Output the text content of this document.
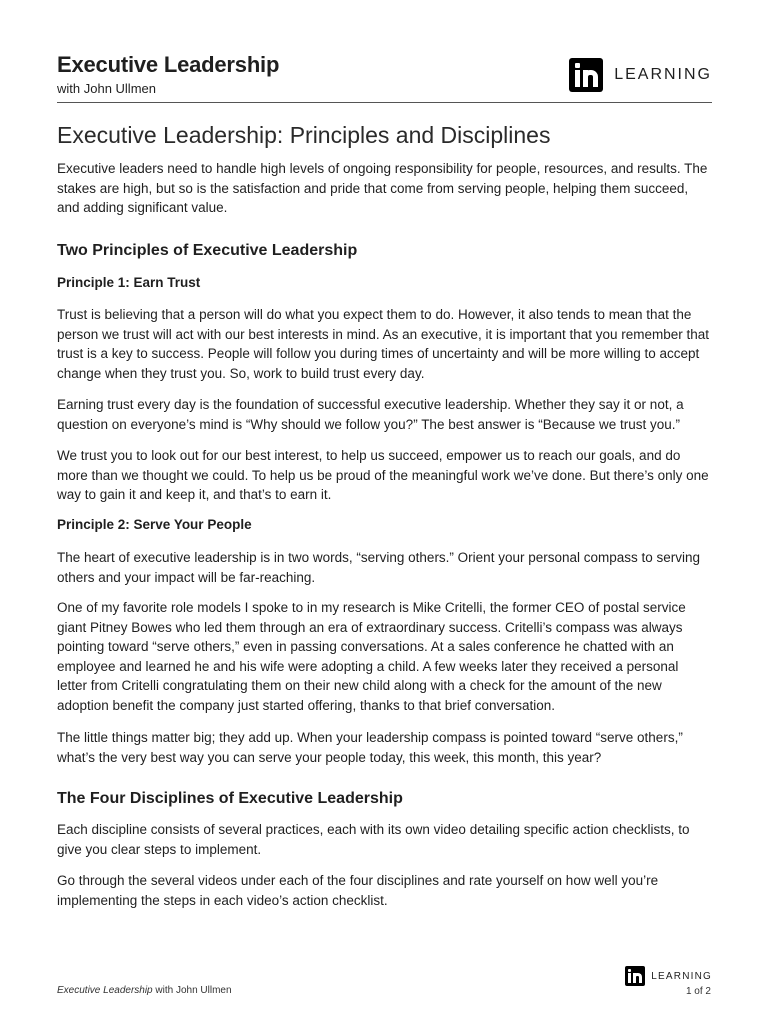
Executive Leadership
with John Ullmen
LEARNING
Executive Leadership: Principles and Disciplines

Executive leaders need to handle high levels of ongoing responsibility for people, resources, and results. The stakes are high, but so is the satisfaction and pride that come from serving people, helping them succeed, and adding significant value.

Two Principles of Executive Leadership
Principle 1: Earn Trust

Trust is believing that a person will do what you expect them to do. However, it also tends to mean that the person we trust will act with our best interests in mind. As an executive, it is important that you remember that trust is a key to success. People will follow you during times of uncertainty and will be more willing to accept change when they trust you. So, work to build trust every day.

Earning trust every day is the foundation of successful executive leadership. Whether they say it or not, a question on everyone’s mind is “Why should we follow you?” The best answer is “Because we trust you.”

We trust you to look out for our best interest, to help us succeed, empower us to reach our goals, and do more than we thought we could. To help us be proud of the meaningful work we’ve done. But there’s only one way to gain it and keep it, and that’s to earn it.

Principle 2: Serve Your People

The heart of executive leadership is in two words, “serving others.” Orient your personal compass to serving others and your impact will be far-reaching.

One of my favorite role models I spoke to in my research is Mike Critelli, the former CEO of postal service giant Pitney Bowes who led them through an era of extraordinary success. Critelli’s compass was always pointing toward “serve others,” even in passing conversations. At a sales conference he chatted with an employee and learned he and his wife were adopting a child. A few weeks later they received a personal letter from Critelli congratulating them on their new child along with a check for the amount of the new adoption benefit the company just started offering, thanks to that brief conversation.

The little things matter big; they add up. When your leadership compass is pointed toward “serve others,” what’s the very best way you can serve your people today, this week, this month, this year?

The Four Disciplines of Executive Leadership

Each discipline consists of several practices, each with its own video detailing specific action checklists, to give you clear steps to implement.

Go through the several videos under each of the four disciplines and rate yourself on how well you’re implementing the steps in each video’s action checklist.

Executive Leadership with John Ullmen
LEARNING
1 of 2
